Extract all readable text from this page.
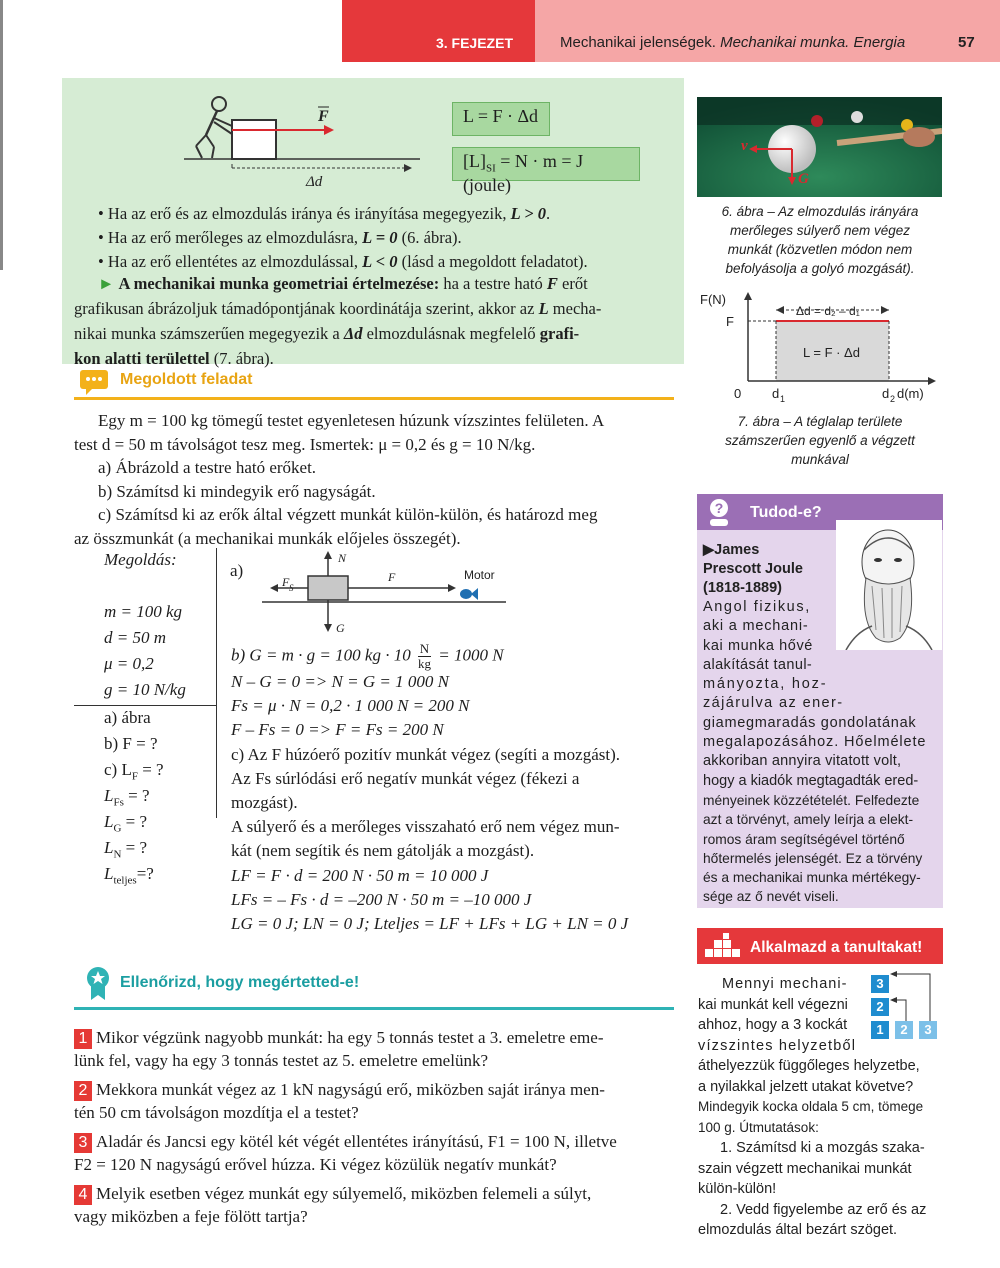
3. FEJEZET	Mechanikai jelenségek. Mechanikai munka. Energia	57
F
Δd
L = F · Δd
$[L]_{SI} = N \cdot m = J$ (joule)
• Ha az erő és az elmozdulás iránya és irányítása megegyezik, L > 0.
• Ha az erő merőleges az elmozdulásra, L = 0 (6. ábra).
• Ha az erő ellentétes az elmozdulással, L < 0 (lásd a megoldott feladatot).
► A mechanikai munka geometriai értelmezése: ha a testre ható F erőt
grafikusan ábrázoljuk támadópontjának koordinátája szerint, akkor az L mecha-
nikai munka számszerűen megegyezik a Δd elmozdulásnak megfelelő grafi-
kon alatti területtel (7. ábra).
Megoldott feladat
Egy m = 100 kg tömegű testet egyenletesen húzunk vízszintes felületen. A
test d = 50 m távolságot tesz meg. Ismertek: μ = 0,2 és g = 10 N/kg.
a) Ábrázold a testre ható erőket.
b) Számítsd ki mindegyik erő nagyságát.
c) Számítsd ki az erők által végzett munkát külön-külön, és határozd meg
az összmunkát (a mechanikai munkák előjeles összegét).
Megoldás:
m = 100 kg
d = 50 m
μ = 0,2
g = 10 N/kg
a) ábra
b) F = ?
c) $L_F$ = ?
$L_{Fs}$ = ?
$L_G$ = ?
$L_N$ = ?
$L_{teljes}=$?
a)
N
F S
F
G
Motor
b) G = m · g = 100 kg · $10 \frac{N}{kg} = 1000$ N
N – G = 0 => N = G = 1 000 N
Fs = μ · N = 0,2 · 1 000 N = 200 N
F – Fs = 0 => F = Fs = 200 N
c) Az F húzóerő pozitív munkát végez (segíti a mozgást).
Az Fs súrlódási erő negatív munkát végez (fékezi a
mozgást).
A súlyerő és a merőleges visszaható erő nem végez mun-
kát (nem segítik és nem gátolják a mozgást).
LF = F · d = 200 N · 50 m = 10 000 J
LFs = – Fs · d = –200 N · 50 m = –10 000 J
LG = 0 J; LN = 0 J; Lteljes = LF + LFs + LG + LN = 0 J
Ellenőrizd, hogy megértetted-e!
1 Mikor végzünk nagyobb munkát: ha egy 5 tonnás testet a 3. emeletre eme-
lünk fel, vagy ha egy 3 tonnás testet az 5. emeletre emelünk?
2 Mekkora munkát végez az 1 kN nagyságú erő, miközben saját iránya men-
tén 50 cm távolságon mozdítja el a testet?
3 Aladár és Jancsi egy kötél két végét ellentétes irányítású, F1 = 100 N, illetve
F2 = 120 N nagyságú erővel húzza. Ki végez közülük negatív munkát?
4 Melyik esetben végez munkát egy súlyemelő, miközben felemeli a súlyt,
vagy miközben a feje fölött tartja?
v
G
6. ábra – Az elmozdulás irányára
merőleges súlyerő nem végez
munkát (közvetlen módon nem
befolyásolja a golyó mozgását).
F(N)
F
0 d 1	d 2 d(m)
Δd = d₂ – d₁
L = F · Δd
7. ábra – A téglalap területe
számszerűen egyenlő a végzett
munkával
? Tudod-e?
▶James
Prescott Joule
(1818-1889)
Angol fizikus,
aki a mechani-
kai munka hővé
alakítását tanul-
mányozta, hoz-
zájárulva az ener-
giamegmaradás gondolatának
megalapozásához. Hőelmélete
akkoriban annyira vitatott volt,
hogy a kiadók megtagadták ered-
ményeinek közzétételét. Felfedezte
azt a törvényt, amely leírja a elekt-
romos áram segítségével történő
hőtermelés jelenségét. Ez a törvény
és a mechanikai munka mértékegy-
sége az ő nevét viseli.
Alkalmazd a tanultakat!
Mennyi mechani-
kai munkát kell végezni
ahhoz, hogy a 3 kockát
vízszintes helyzetből
áthelyezzük függőleges helyzetbe,
a nyilakkal jelzett utakat követve?
Mindegyik kocka oldala 5 cm, tömege
100 g. Útmutatások:
1. Számítsd ki a mozgás szaka-
szain végzett mechanikai munkát
külön-külön!
2. Vedd figyelembe az erő és az
elmozdulás által bezárt szöget.
3
2
1	2	3
